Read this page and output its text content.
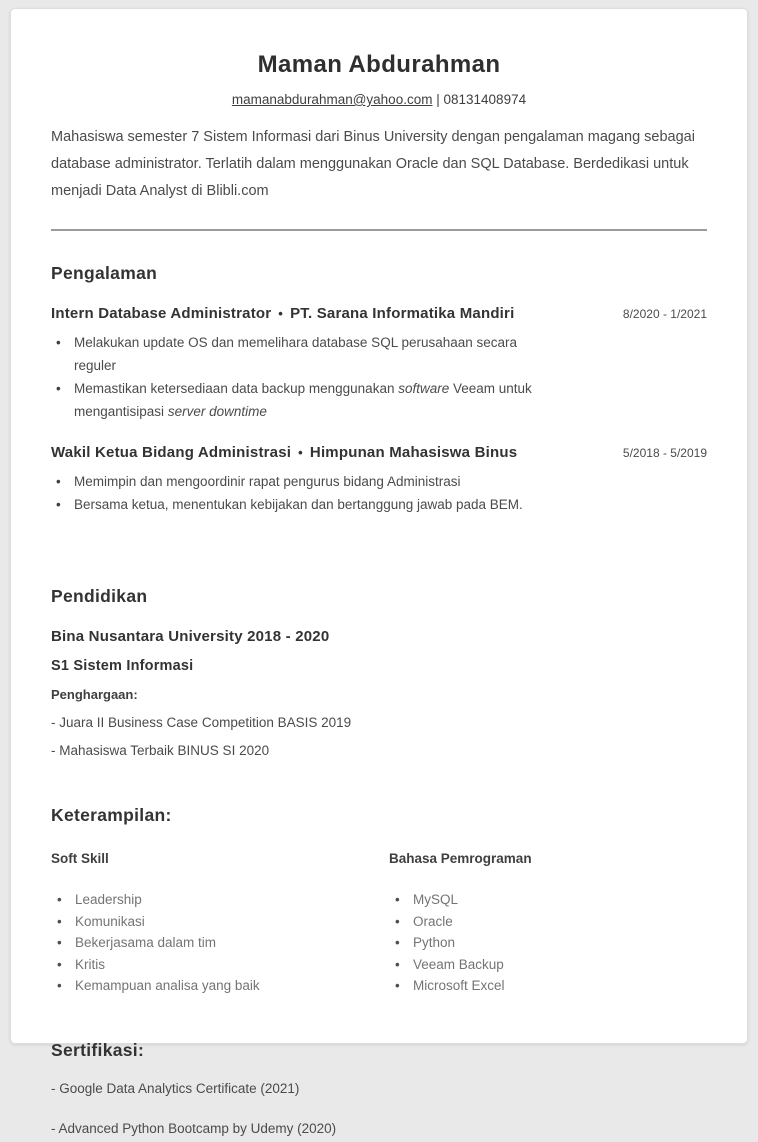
Maman Abdurahman

mamanabdurahman@yahoo.com | 08131408974

Mahasiswa semester 7 Sistem Informasi dari Binus University dengan pengalaman magang sebagai database administrator. Terlatih dalam menggunakan Oracle dan SQL Database. Berdedikasi untuk menjadi Data Analyst di Blibli.com

Pengalaman
Intern Database Administrator • PT. Sarana Informatika Mandiri	8/2020 - 1/2021
• Melakukan update OS dan memelihara database SQL perusahaan secara reguler
• Memastikan ketersediaan data backup menggunakan software Veeam untuk mengantisipasi server downtime
Wakil Ketua Bidang Administrasi • Himpunan Mahasiswa Binus	5/2018 - 5/2019
• Memimpin dan mengoordinir rapat pengurus bidang Administrasi
• Bersama ketua, menentukan kebijakan dan bertanggung jawab pada BEM.
Pendidikan

Bina Nusantara University 2018 - 2020

S1 Sistem Informasi

Penghargaan:

- Juara II Business Case Competition BASIS 2019

- Mahasiswa Terbaik BINUS SI 2020

Keterampilan:

Soft Skill

• Leadership
• Komunikasi
• Bekerjasama dalam tim
• Kritis
• Kemampuan analisa yang baik

Bahasa Pemrograman

• MySQL
• Oracle
• Python
• Veeam Backup
• Microsoft Excel
Sertifikasi:

- Google Data Analytics Certificate (2021)

- Advanced Python Bootcamp by Udemy (2020)
